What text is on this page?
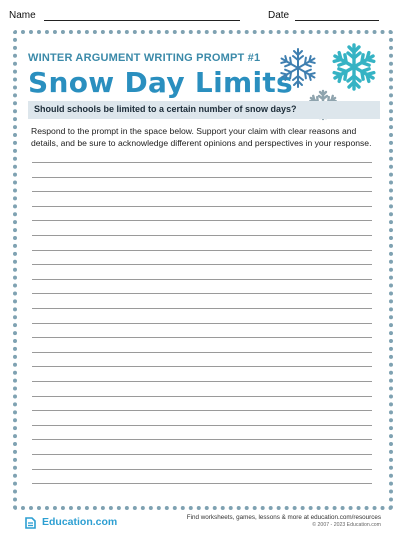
Name	Date
WINTER ARGUMENT WRITING PROMPT #1
Snow Day Limits
Should schools be limited to a certain number of snow days?
Respond to the prompt in the space below. Support your claim with clear reasons and details, and be sure to acknowledge different opinions and perspectives in your response.
Education.com	Find worksheets, games, lessons & more at education.com/resources
© 2007 - 2023 Education.com
